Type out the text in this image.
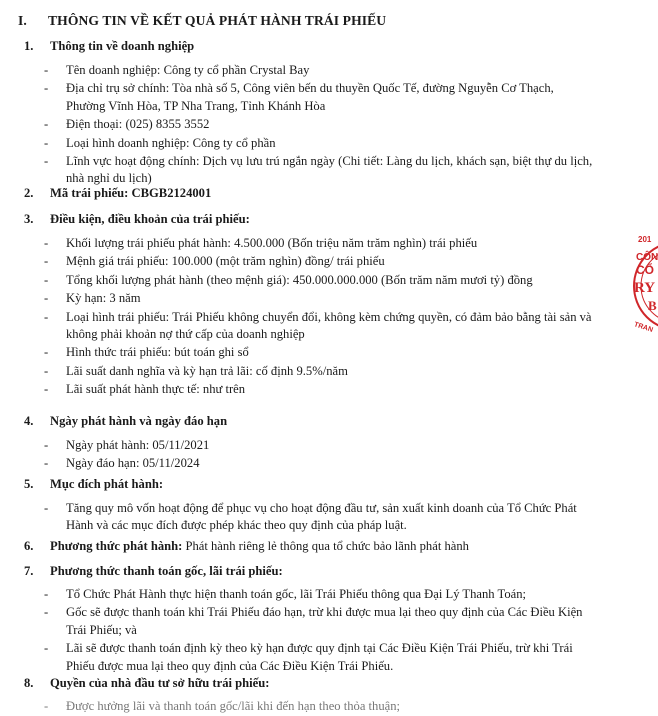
I. THÔNG TIN VỀ KẾT QUẢ PHÁT HÀNH TRÁI PHIẾU
1. Thông tin về doanh nghiệp
- Tên doanh nghiệp: Công ty cổ phần Crystal Bay
- Địa chỉ trụ sở chính: Tòa nhà số 5, Công viên bến du thuyền Quốc Tế, đường Nguyễn Cơ Thạch, Phường Vĩnh Hòa, TP Nha Trang, Tỉnh Khánh Hòa
- Điện thoại: (025) 8355 3552
- Loại hình doanh nghiệp: Công ty cổ phần
- Lĩnh vực hoạt động chính: Dịch vụ lưu trú ngắn ngày (Chi tiết: Làng du lịch, khách sạn, biệt thự du lịch, nhà nghỉ du lịch)
2. Mã trái phiếu: CBGB2124001
3. Điều kiện, điều khoản của trái phiếu:
- Khối lượng trái phiếu phát hành: 4.500.000 (Bốn triệu năm trăm nghìn) trái phiếu
- Mệnh giá trái phiếu: 100.000 (một trăm nghìn) đồng/ trái phiếu
- Tổng khối lượng phát hành (theo mệnh giá): 450.000.000.000 (Bốn trăm năm mươi tỷ) đồng
- Kỳ hạn: 3 năm
- Loại hình trái phiếu: Trái Phiếu không chuyển đổi, không kèm chứng quyền, có đảm bảo bằng tài sản và không phải khoản nợ thứ cấp của doanh nghiệp
- Hình thức trái phiếu: bút toán ghi sổ
- Lãi suất danh nghĩa và kỳ hạn trả lãi: cố định 9.5%/năm
- Lãi suất phát hành thực tế: như trên
4. Ngày phát hành và ngày đáo hạn
- Ngày phát hành: 05/11/2021
- Ngày đáo hạn: 05/11/2024
5. Mục đích phát hành:
- Tăng quy mô vốn hoạt động để phục vụ cho hoạt động đầu tư, sản xuất kinh doanh của Tổ Chức Phát Hành và các mục đích được phép khác theo quy định của pháp luật.
6. Phương thức phát hành: Phát hành riêng lẻ thông qua tổ chức bảo lãnh phát hành
7. Phương thức thanh toán gốc, lãi trái phiếu:
- Tổ Chức Phát Hành thực hiện thanh toán gốc, lãi Trái Phiếu thông qua Đại Lý Thanh Toán;
- Gốc sẽ được thanh toán khi Trái Phiếu đáo hạn, trừ khi được mua lại theo quy định của Các Điều Kiện Trái Phiếu; và
- Lãi sẽ được thanh toán định kỳ theo kỳ hạn được quy định tại Các Điều Kiện Trái Phiếu, trừ khi Trái Phiếu được mua lại theo quy định của Các Điều Kiện Trái Phiếu.
8. Quyền của nhà đầu tư sở hữu trái phiếu:
- Được hưởng lãi và thanh toán gốc/lãi khi đến hạn theo thỏa thuận;
201
CÔN
CỔ
RY
B
TRAN
